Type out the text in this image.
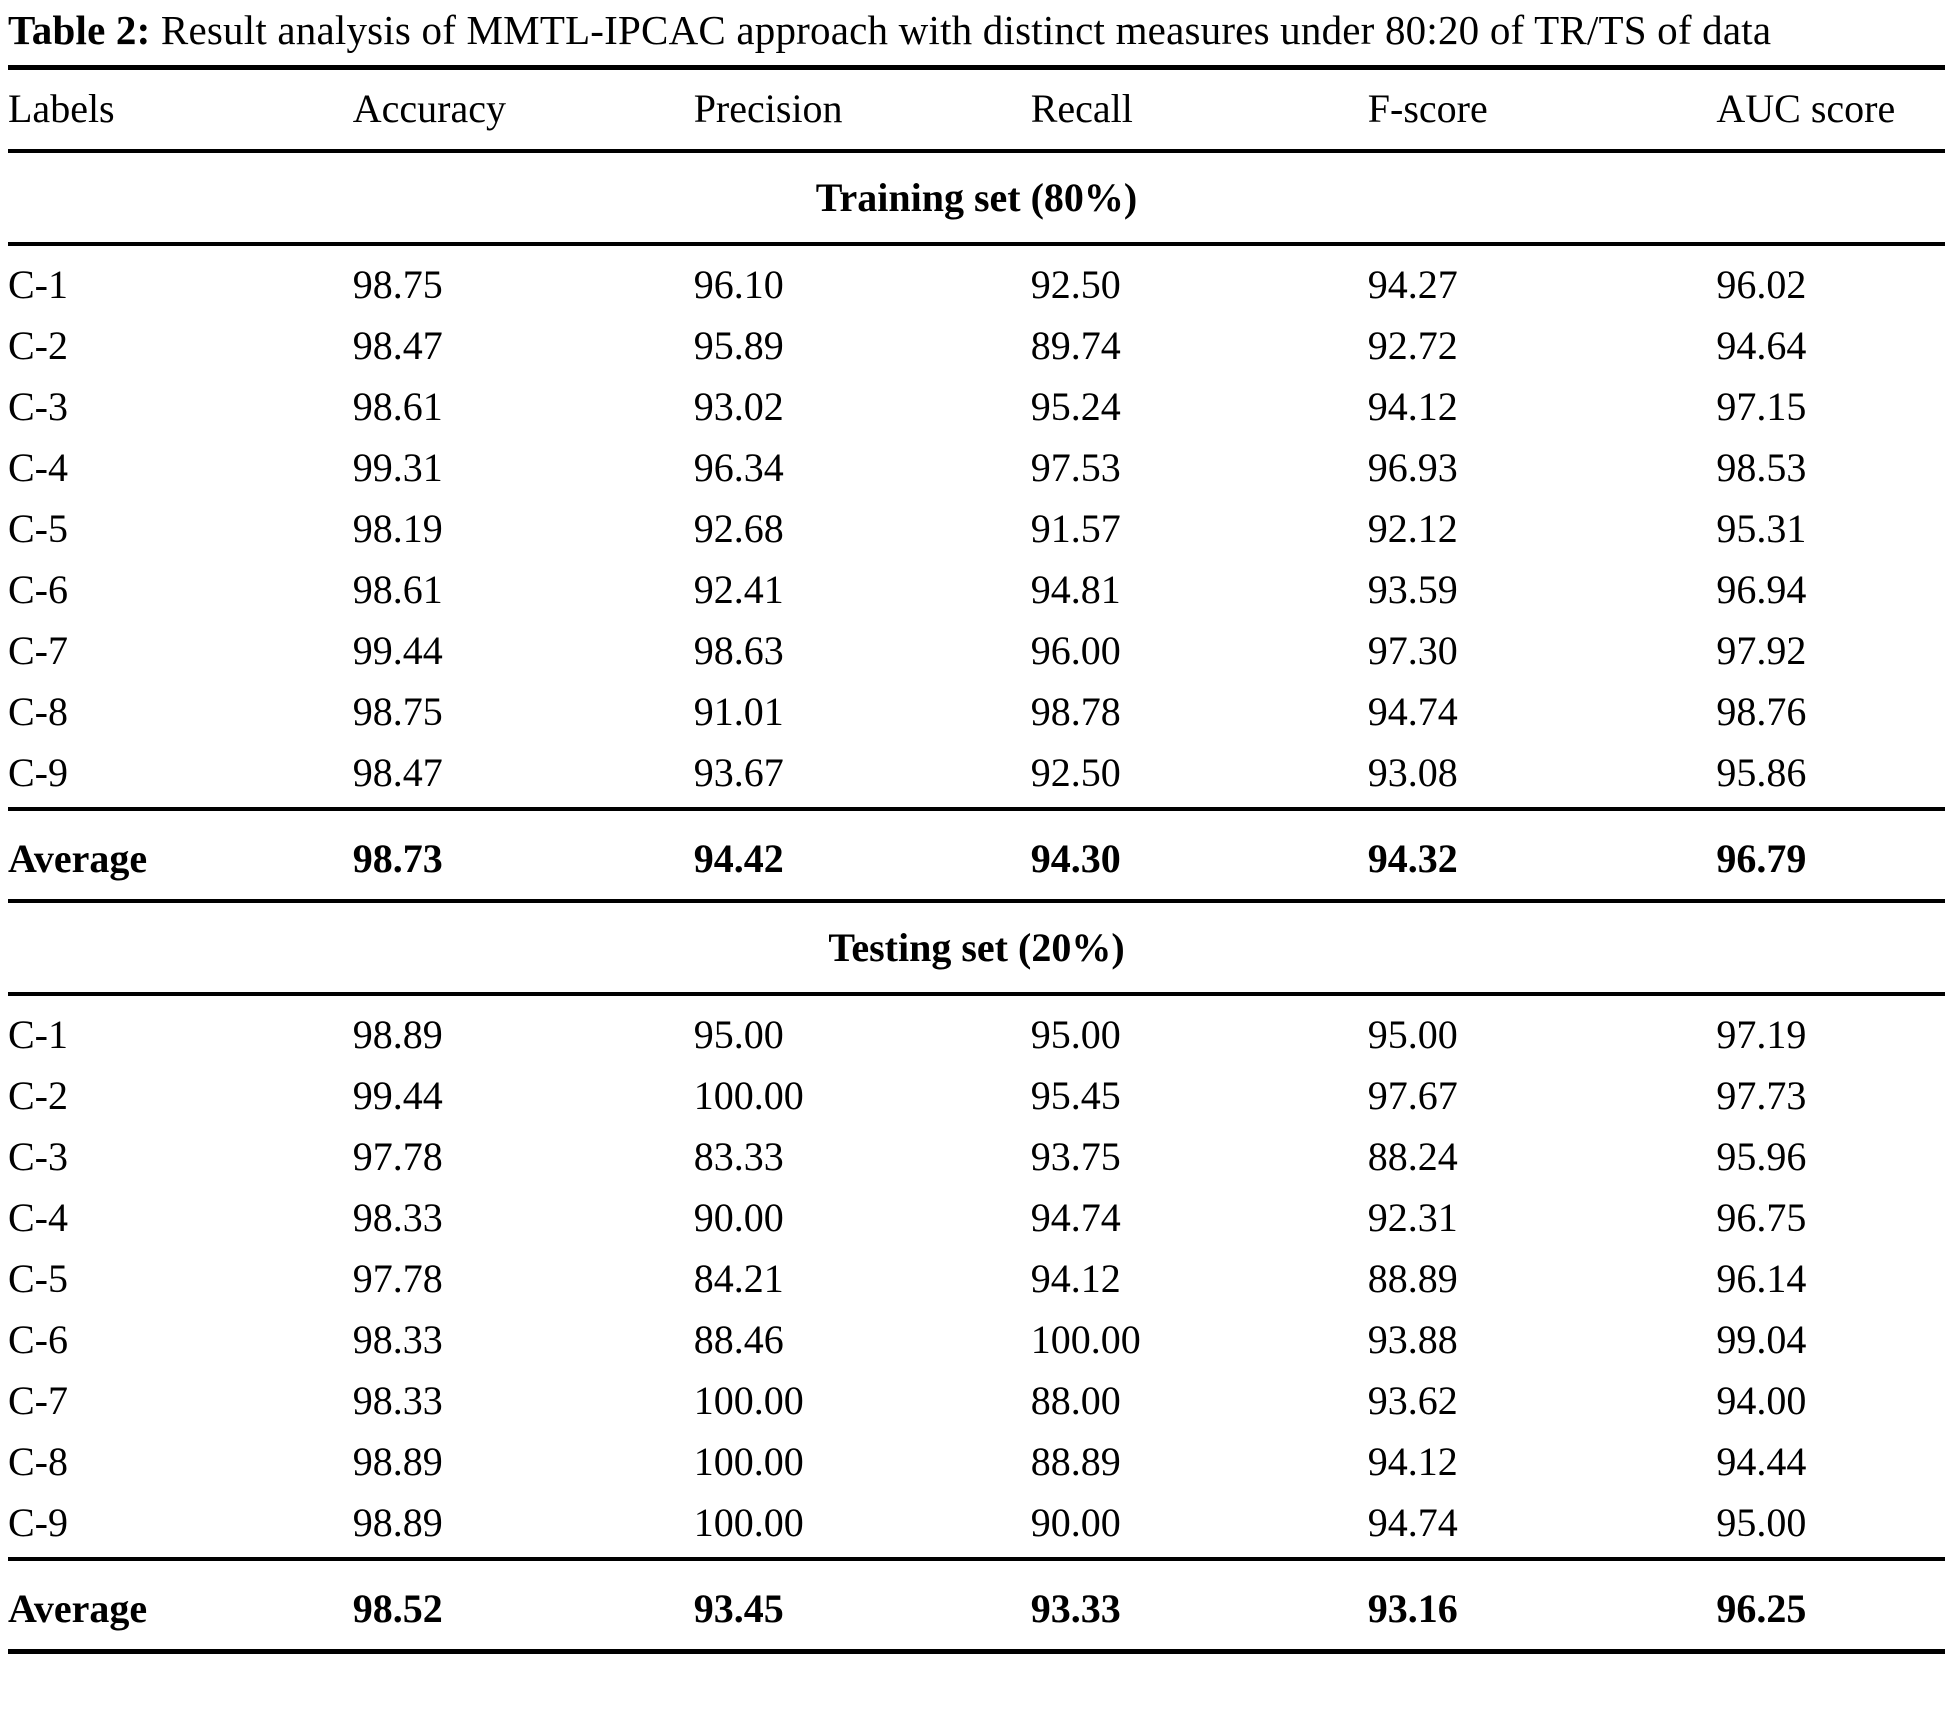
Table 2: Result analysis of MMTL-IPCAC approach with distinct measures under 80:20 of TR/TS of data

Labels	Accuracy	Precision	Recall	F-score	AUC score
Training set (80%)					
C-1	98.75	96.10	92.50	94.27	96.02
C-2	98.47	95.89	89.74	92.72	94.64
C-3	98.61	93.02	95.24	94.12	97.15
C-4	99.31	96.34	97.53	96.93	98.53
C-5	98.19	92.68	91.57	92.12	95.31
C-6	98.61	92.41	94.81	93.59	96.94
C-7	99.44	98.63	96.00	97.30	97.92
C-8	98.75	91.01	98.78	94.74	98.76
C-9	98.47	93.67	92.50	93.08	95.86
Average	98.73	94.42	94.30	94.32	96.79
Testing set (20%)					
C-1	98.89	95.00	95.00	95.00	97.19
C-2	99.44	100.00	95.45	97.67	97.73
C-3	97.78	83.33	93.75	88.24	95.96
C-4	98.33	90.00	94.74	92.31	96.75
C-5	97.78	84.21	94.12	88.89	96.14
C-6	98.33	88.46	100.00	93.88	99.04
C-7	98.33	100.00	88.00	93.62	94.00
C-8	98.89	100.00	88.89	94.12	94.44
C-9	98.89	100.00	90.00	94.74	95.00
Average	98.52	93.45	93.33	93.16	96.25
